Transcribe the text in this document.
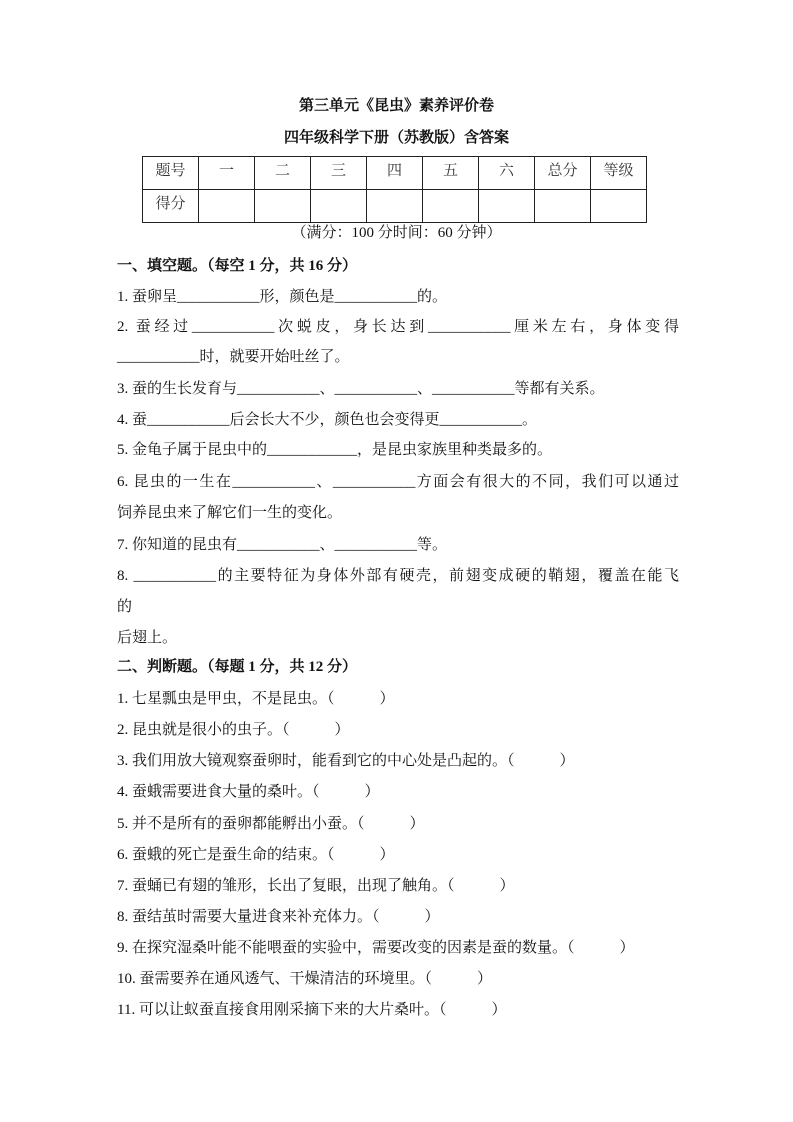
第三单元《昆虫》素养评价卷
四年级科学下册（苏教版）含答案
题号	一	二	三	四	五	六	总分	等级
得分								
（满分：100 分时间：60 分钟）
一、填空题。（每空 1 分，共 16 分）
1. 蚕卵呈___________形，颜色是___________的。
2. 蚕经过___________次蜕皮，身长达到___________厘米左右，身体变得
___________时，就要开始吐丝了。
3. 蚕的生长发育与___________、___________、___________等都有关系。
4. 蚕___________后会长大不少，颜色也会变得更___________。
5. 金龟子属于昆虫中的____________，是昆虫家族里种类最多的。
6. 昆虫的一生在___________、___________方面会有很大的不同，我们可以通过
饲养昆虫来了解它们一生的变化。
7. 你知道的昆虫有___________、___________等。
8. ___________的主要特征为身体外部有硬壳，前翅变成硬的鞘翅，覆盖在能飞
的
后翅上。
二、判断题。（每题 1 分，共 12 分）
1. 七星瓢虫是甲虫，不是昆虫。（　　　）
2. 昆虫就是很小的虫子。（　　　）
3. 我们用放大镜观察蚕卵时，能看到它的中心处是凸起的。（　　　）
4. 蚕蛾需要进食大量的桑叶。（　　　）
5. 并不是所有的蚕卵都能孵出小蚕。（　　　）
6. 蚕蛾的死亡是蚕生命的结束。（　　　）
7. 蚕蛹已有翅的雏形，长出了复眼，出现了触角。（　　　）
8. 蚕结茧时需要大量进食来补充体力。（　　　）
9. 在探究湿桑叶能不能喂蚕的实验中，需要改变的因素是蚕的数量。（　　　）
10. 蚕需要养在通风透气、干燥清洁的环境里。（　　　）
11. 可以让蚁蚕直接食用刚采摘下来的大片桑叶。（　　　）
